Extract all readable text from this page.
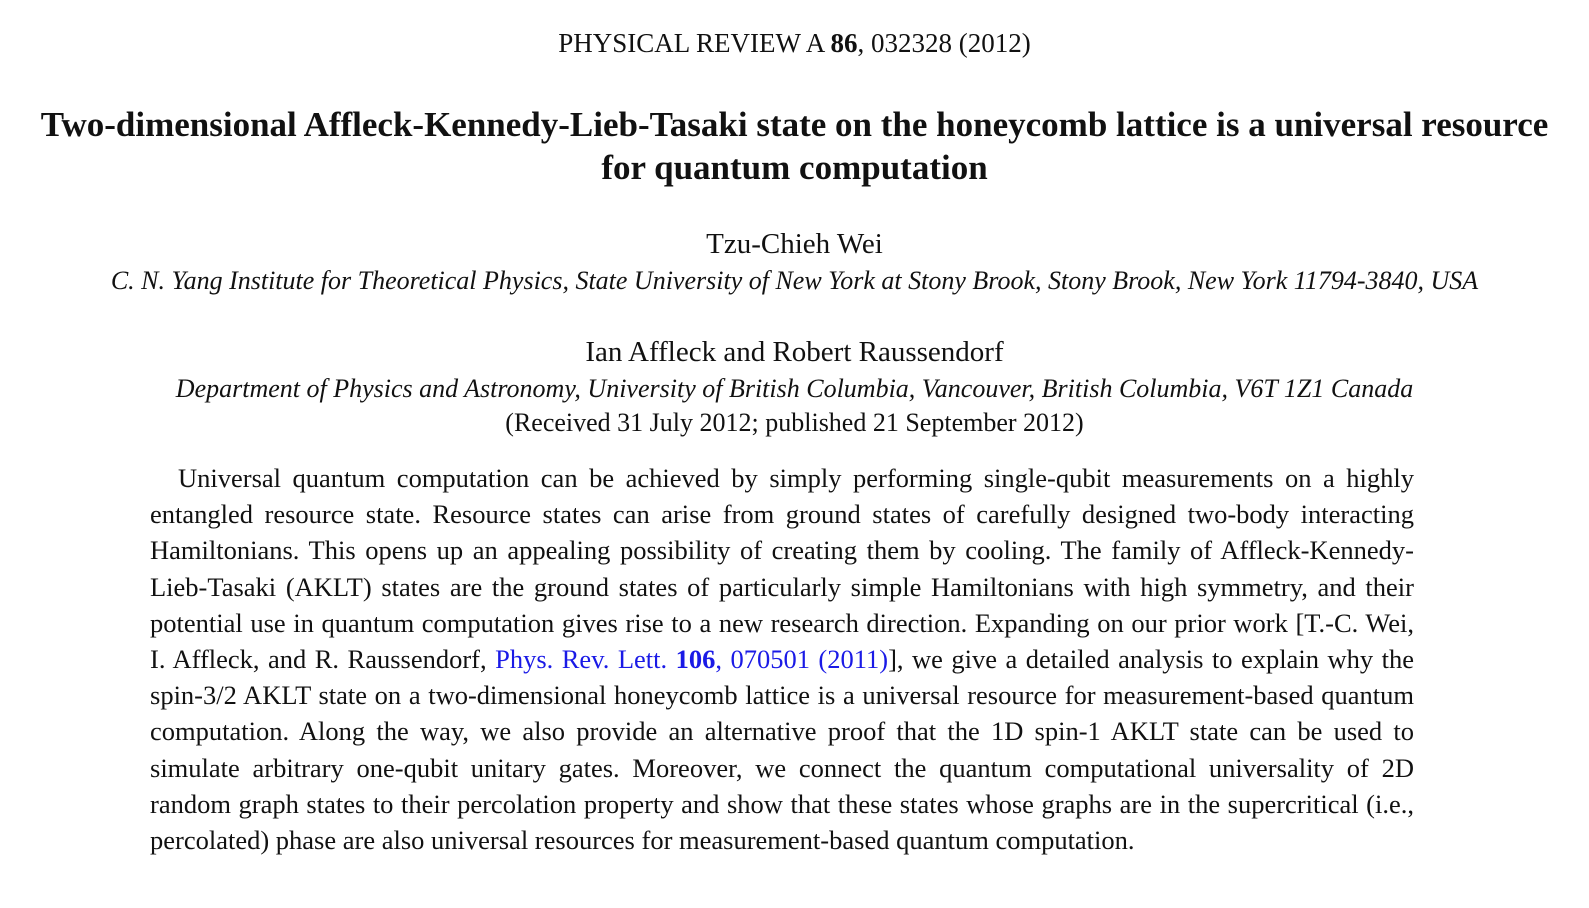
PHYSICAL REVIEW A 86, 032328 (2012)
Two-dimensional Affleck-Kennedy-Lieb-Tasaki state on the honeycomb lattice is a universal resource for quantum computation
Tzu-Chieh Wei
C. N. Yang Institute for Theoretical Physics, State University of New York at Stony Brook, Stony Brook, New York 11794-3840, USA
Ian Affleck and Robert Raussendorf
Department of Physics and Astronomy, University of British Columbia, Vancouver, British Columbia, V6T 1Z1 Canada
(Received 31 July 2012; published 21 September 2012)

Universal quantum computation can be achieved by simply performing single-qubit measurements on a highly entangled resource state. Resource states can arise from ground states of carefully designed two-body interacting Hamiltonians. This opens up an appealing possibility of creating them by cooling. The family of Affleck-Kennedy-Lieb-Tasaki (AKLT) states are the ground states of particularly simple Hamiltonians with high symmetry, and their potential use in quantum computation gives rise to a new research direction. Expanding on our prior work [T.-C. Wei, I. Affleck, and R. Raussendorf, Phys. Rev. Lett. 106, 070501 (2011)], we give a detailed analysis to explain why the spin-3/2 AKLT state on a two-dimensional honeycomb lattice is a universal resource for measurement-based quantum computation. Along the way, we also provide an alternative proof that the 1D spin-1 AKLT state can be used to simulate arbitrary one-qubit unitary gates. Moreover, we connect the quantum computational universality of 2D random graph states to their percolation property and show that these states whose graphs are in the supercritical (i.e., percolated) phase are also universal resources for measurement-based quantum computation.
